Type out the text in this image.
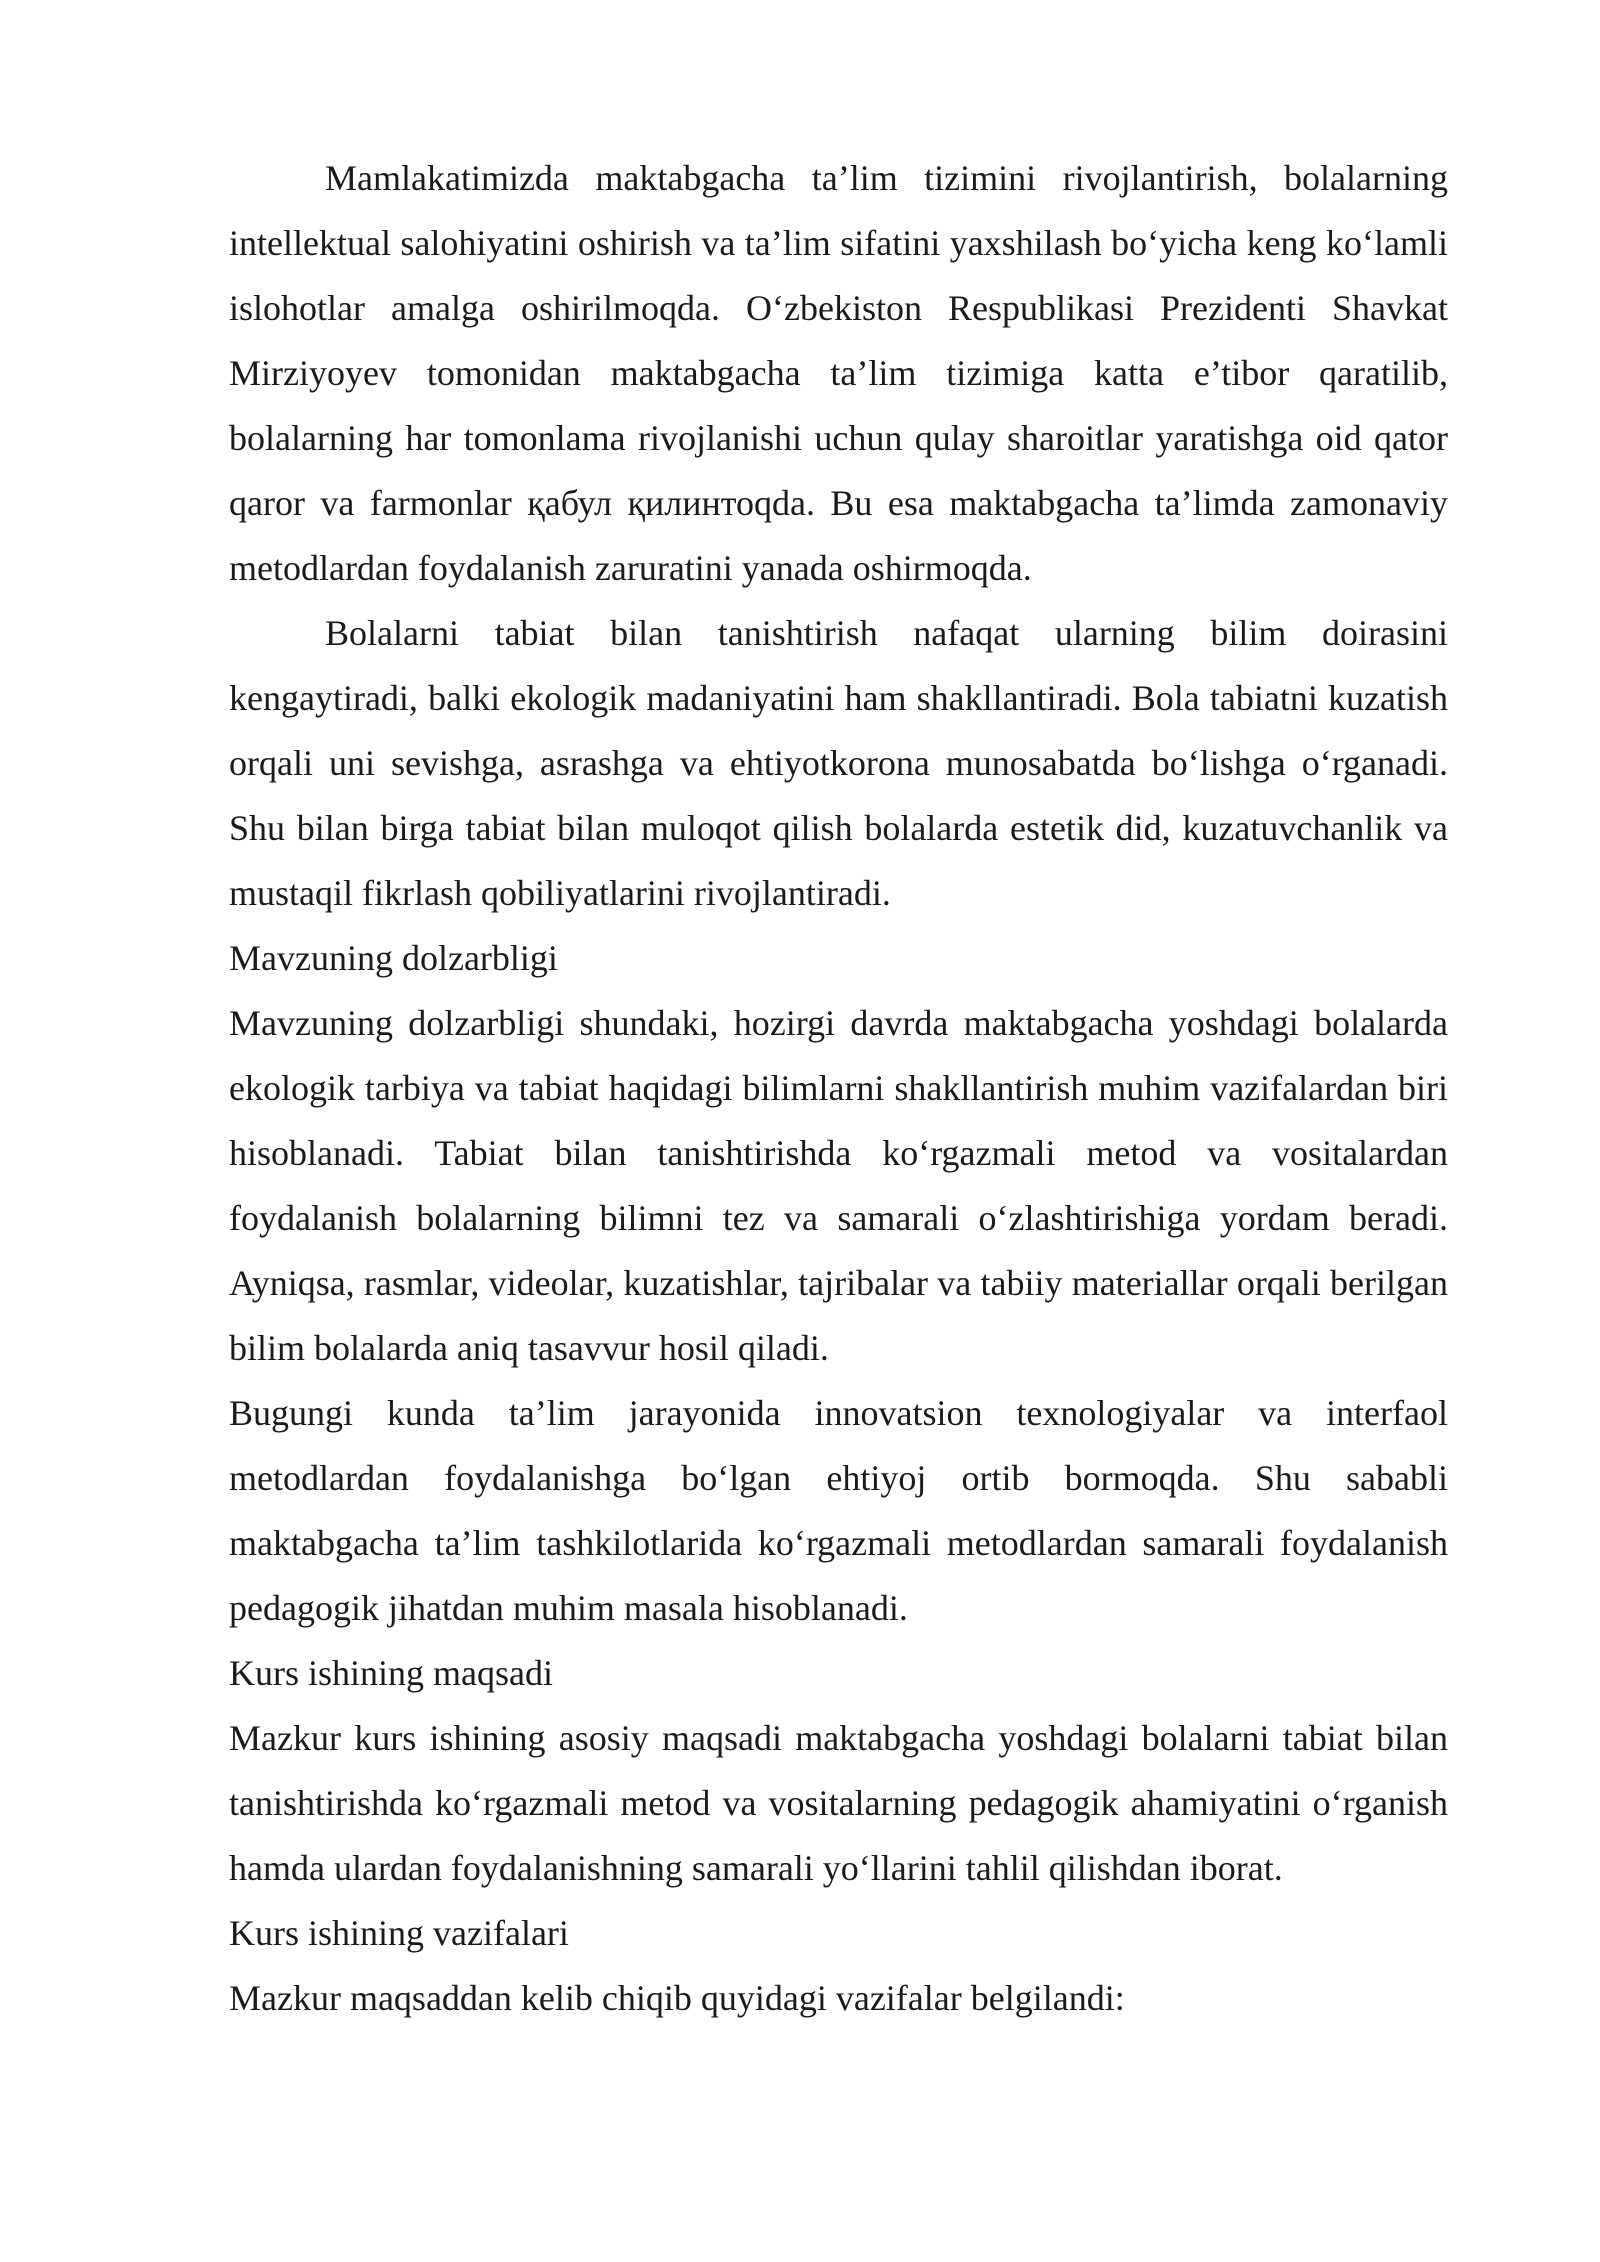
Mamlakatimizda maktabgacha ta’lim tizimini rivojlantirish, bolalarning intellektual salohiyatini oshirish va ta’lim sifatini yaxshilash bo‘yicha keng ko‘lamli islohotlar amalga oshirilmoqda. O‘zbekiston Respublikasi Prezidenti Shavkat Mirziyoyev tomonidan maktabgacha ta’lim tizimiga katta e’tibor qaratilib, bolalarning har tomonlama rivojlanishi uchun qulay sharoitlar yaratishga oid qator qaror va farmonlar қабул қилинтоqda. Bu esa maktabgacha ta’limda zamonaviy metodlardan foydalanish zaruratini yanada oshirmoqda.

Bolalarni tabiat bilan tanishtirish nafaqat ularning bilim doirasini kengaytiradi, balki ekologik madaniyatini ham shakllantiradi. Bola tabiatni kuzatish orqali uni sevishga, asrashga va ehtiyotkorona munosabatda bo‘lishga o‘rganadi. Shu bilan birga tabiat bilan muloqot qilish bolalarda estetik did, kuzatuvchanlik va mustaqil fikrlash qobiliyatlarini rivojlantiradi.

Mavzuning dolzarbligi

Mavzuning dolzarbligi shundaki, hozirgi davrda maktabgacha yoshdagi bolalarda ekologik tarbiya va tabiat haqidagi bilimlarni shakllantirish muhim vazifalardan biri hisoblanadi. Tabiat bilan tanishtirishda ko‘rgazmali metod va vositalardan foydalanish bolalarning bilimni tez va samarali o‘zlashtirishiga yordam beradi. Ayniqsa, rasmlar, videolar, kuzatishlar, tajribalar va tabiiy materiallar orqali berilgan bilim bolalarda aniq tasavvur hosil qiladi.

Bugungi kunda ta’lim jarayonida innovatsion texnologiyalar va interfaol metodlardan foydalanishga bo‘lgan ehtiyoj ortib bormoqda. Shu sababli maktabgacha ta’lim tashkilotlarida ko‘rgazmali metodlardan samarali foydalanish pedagogik jihatdan muhim masala hisoblanadi.

Kurs ishining maqsadi

Mazkur kurs ishining asosiy maqsadi maktabgacha yoshdagi bolalarni tabiat bilan tanishtirishda ko‘rgazmali metod va vositalarning pedagogik ahamiyatini o‘rganish hamda ulardan foydalanishning samarali yo‘llarini tahlil qilishdan iborat.

Kurs ishining vazifalari

Mazkur maqsaddan kelib chiqib quyidagi vazifalar belgilandi:
